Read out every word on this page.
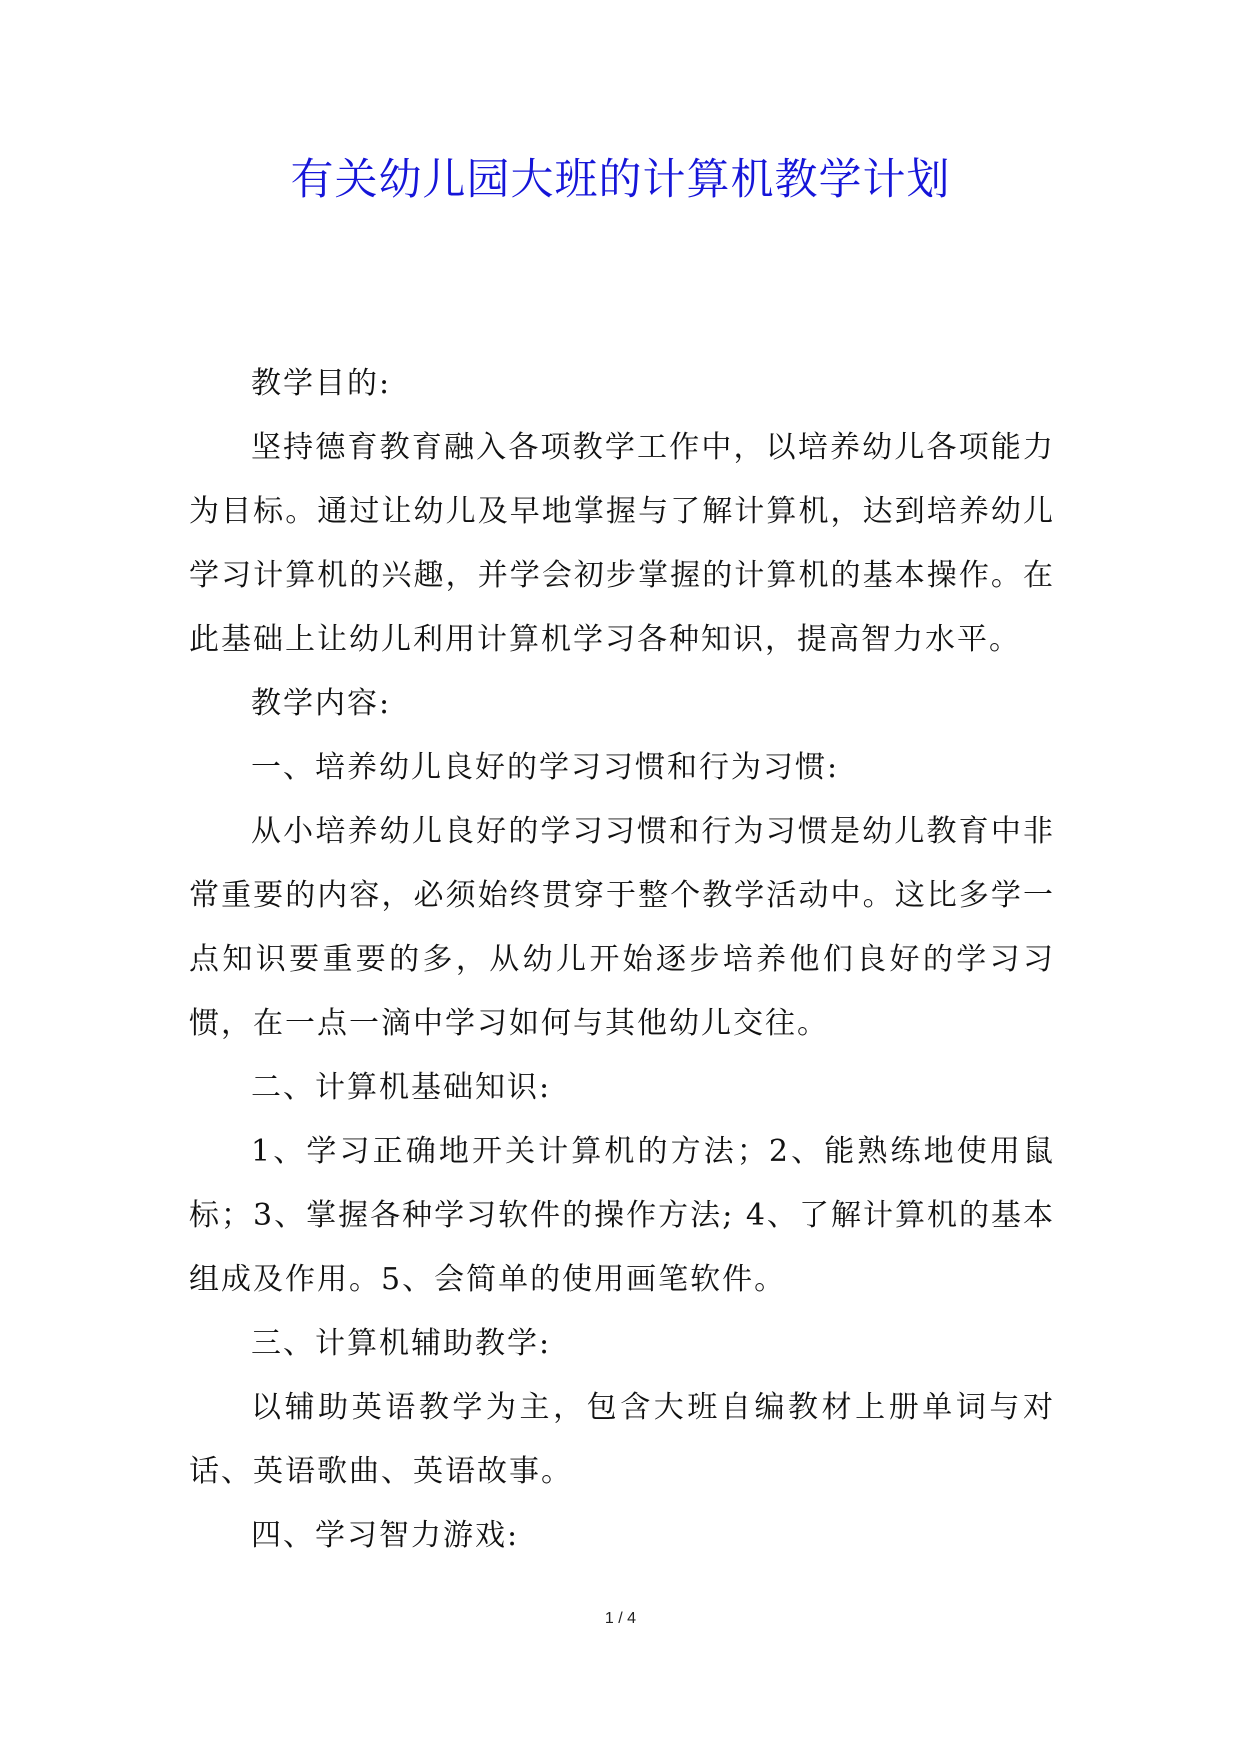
有关幼儿园大班的计算机教学计划

教学目的:

坚持德育教育融入各项教学工作中，以培养幼儿各项能力为目标。通过让幼儿及早地掌握与了解计算机，达到培养幼儿学习计算机的兴趣，并学会初步掌握的计算机的基本操作。在此基础上让幼儿利用计算机学习各种知识，提高智力水平。

教学内容:

一、培养幼儿良好的学习习惯和行为习惯:

从小培养幼儿良好的学习习惯和行为习惯是幼儿教育中非常重要的内容，必须始终贯穿于整个教学活动中。这比多学一点知识要重要的多，从幼儿开始逐步培养他们良好的学习习惯，在一点一滴中学习如何与其他幼儿交往。

二、计算机基础知识:

1、学习正确地开关计算机的方法；2、能熟练地使用鼠标；3、掌握各种学习软件的操作方法; 4、了解计算机的基本组成及作用。5、会简单的使用画笔软件。

三、计算机辅助教学:

以辅助英语教学为主，包含大班自编教材上册单词与对话、英语歌曲、英语故事。

四、学习智力游戏:

1 / 4
